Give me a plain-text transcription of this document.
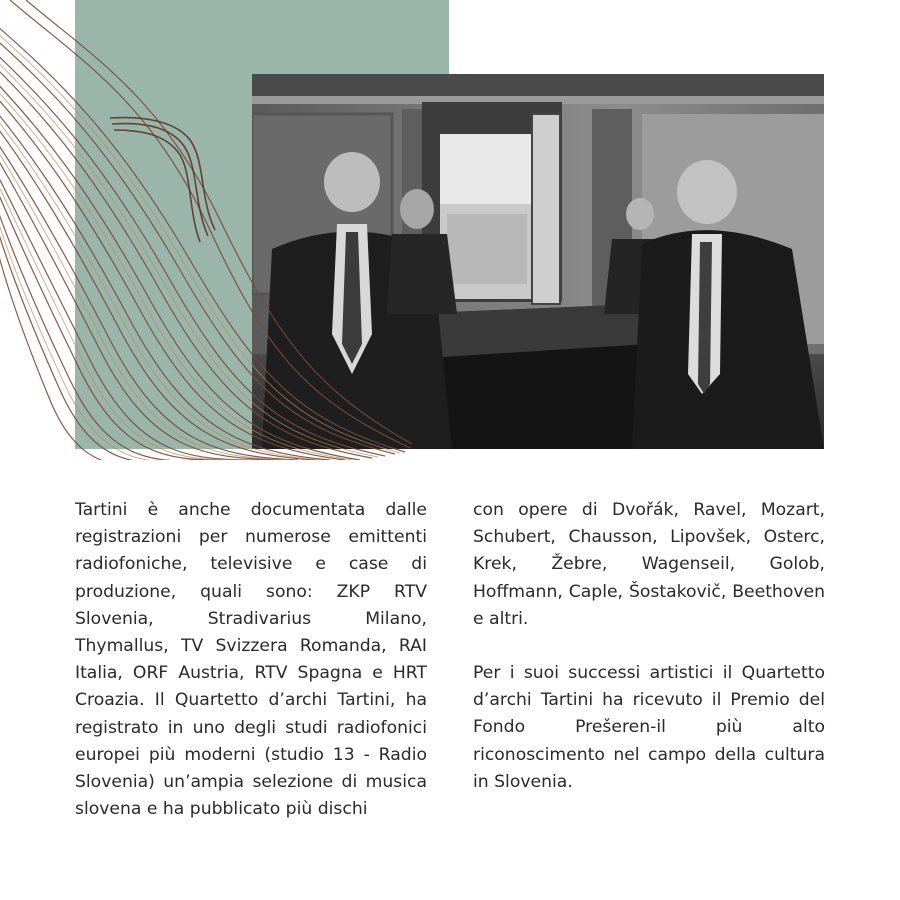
Tartini è anche documentata dalle registrazioni per numerose emittenti radiofoniche, televisive e case di produzione, quali sono: ZKP RTV Slovenia, Stradivarius Milano, Thymallus, TV Svizzera Romanda, RAI Italia, ORF Austria, RTV Spagna e HRT Croazia. Il Quartetto d’archi Tartini, ha registrato in uno degli studi radiofonici europei più moderni (studio 13 - Radio Slovenia) un’ampia selezione di musica slovena e ha pubblicato più dischi

con opere di Dvořák, Ravel, Mozart, Schubert, Chausson, Lipovšek, Osterc, Krek, Žebre, Wagenseil, Golob, Hoffmann, Caple, Šostakovič, Beethoven e altri.

Per i suoi successi artistici il Quartetto d’archi Tartini ha ricevuto il Premio del Fondo Prešeren-il più alto riconoscimento nel campo della cultura in Slovenia.
